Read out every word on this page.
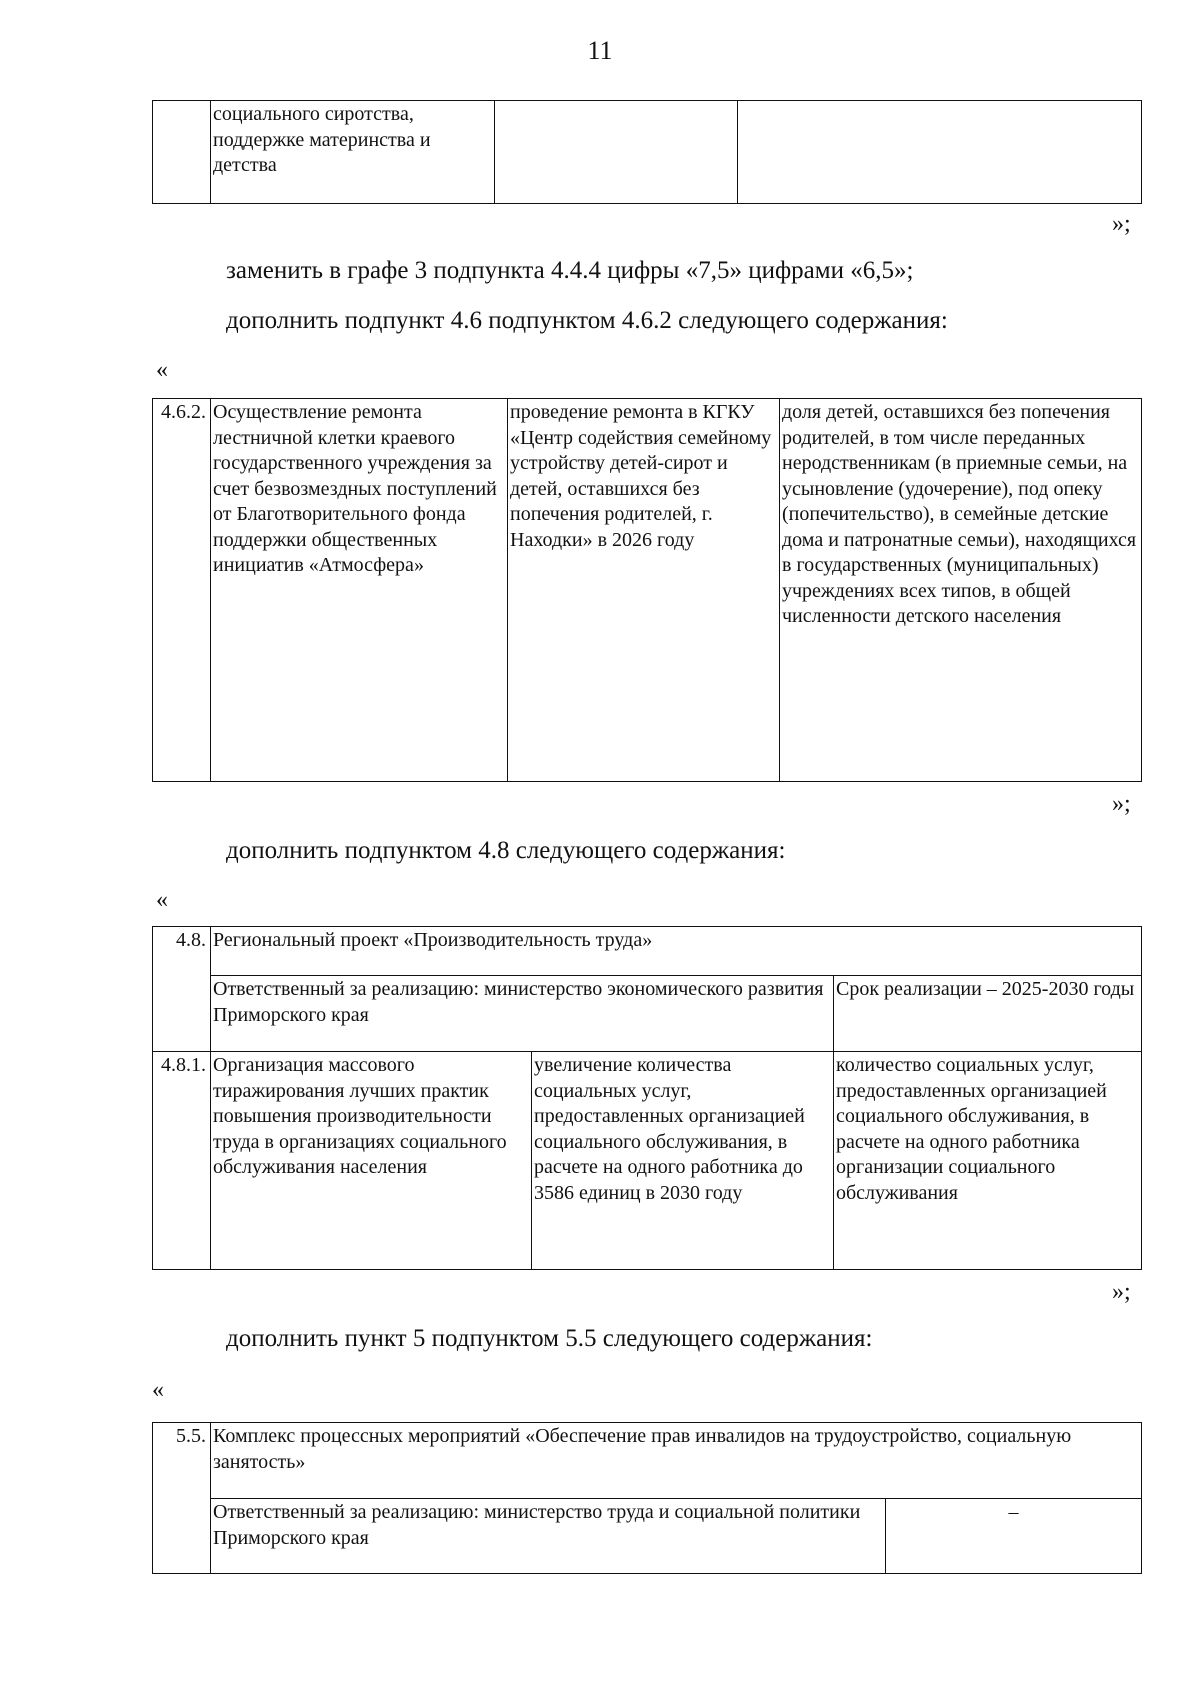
11
	социального сиротства, поддержке материнства и детства		
»;
заменить в графе 3 подпункта 4.4.4 цифры «7,5» цифрами «6,5»;
дополнить подпункт 4.6 подпунктом 4.6.2 следующего содержания:
«
4.6.2.	Осуществление ремонта лестничной клетки краевого государственного учреждения за счет безвозмездных поступлений от Благотворительного фонда поддержки общественных инициатив «Атмосфера»	проведение ремонта в КГКУ «Центр содействия семейному устройству детей-сирот и детей, оставшихся без попечения родителей, г. Находки» в 2026 году	доля детей, оставшихся без попечения родителей, в том числе переданных неродственникам (в приемные семьи, на усыновление (удочерение), под опеку (попечительство), в семейные детские дома и патронатные семьи), находящихся в государственных (муниципальных) учреждениях всех типов, в общей численности детского населения
»;
дополнить подпунктом 4.8 следующего содержания:
«
4.8.	Региональный проект «Производительность труда»		
	Ответственный за реализацию: министерство экономического развития Приморского края		Срок реализации – 2025-2030 годы
4.8.1.	Организация массового тиражирования лучших практик повышения производительности труда в организациях социального обслуживания населения	увеличение количества социальных услуг, предоставленных организацией социального обслуживания, в расчете на одного работника до 3586 единиц в 2030 году	количество социальных услуг, предоставленных организацией социального обслуживания, в расчете на одного работника организации социального обслуживания
»;
дополнить пункт 5 подпунктом 5.5 следующего содержания:
«
5.5.	Комплекс процессных мероприятий «Обеспечение прав инвалидов на трудоустройство, социальную занятость»	
	Ответственный за реализацию: министерство труда и социальной политики Приморского края	–
